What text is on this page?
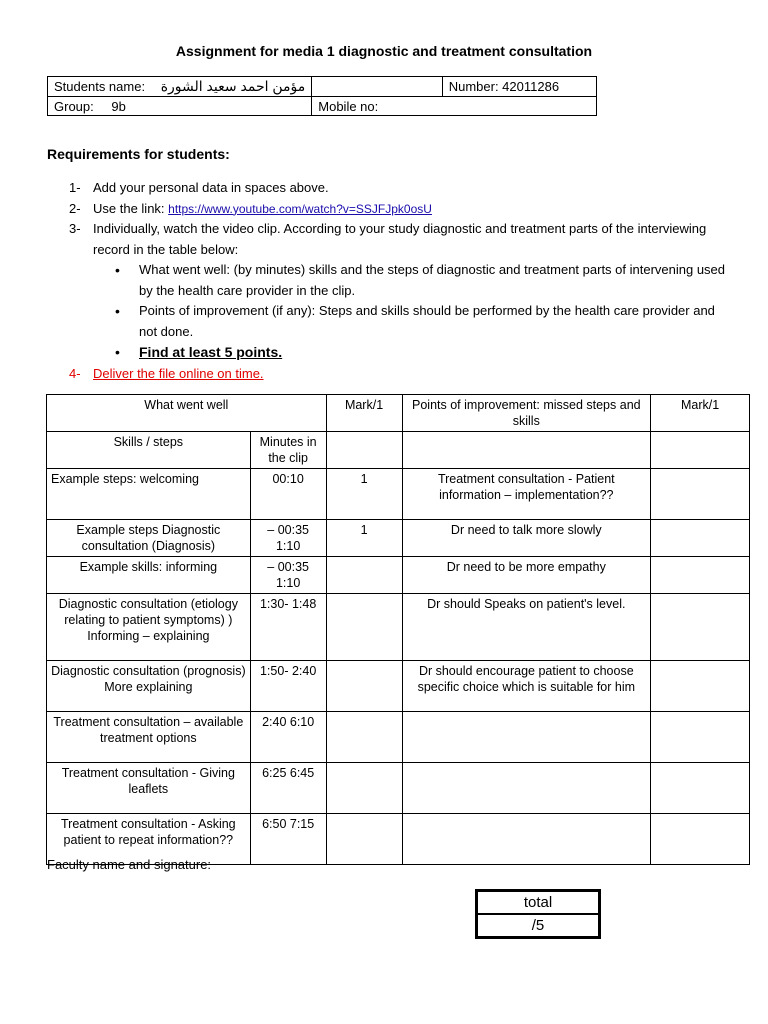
Assignment for media 1 diagnostic and treatment consultation
Students name: مؤمن احمد سعيد الشورة		Number: 42011286
Group: 9b	Mobile no:	
Requirements for students:
1- Add your personal data in spaces above.
2- Use the link: https://www.youtube.com/watch?v=SSJFJpk0osU
3- Individually, watch the video clip. According to your study diagnostic and treatment parts of the interviewing record in the table below:
• What went well: (by minutes) skills and the steps of diagnostic and treatment parts of intervening used by the health care provider in the clip.
• Points of improvement (if any): Steps and skills should be performed by the health care provider and not done.
• Find at least 5 points.
4- Deliver the file online on time.
What went well		Mark/1	Points of improvement: missed steps and skills	Mark/1
Skills / steps	Minutes in the clip			
Example steps: welcoming	00:10	1	Treatment consultation - Patient information – implementation??	
Example steps Diagnostic consultation (Diagnosis)	– 00:35 1:10	1	Dr need to talk more slowly	
Example skills: informing	– 00:35 1:10		Dr need to be more empathy	
Diagnostic consultation (etiology relating to patient symptoms) ) Informing – explaining	1:30- 1:48		Dr should Speaks on patient's level.	
Diagnostic consultation (prognosis) More explaining	1:50- 2:40		Dr should encourage patient to choose specific choice which is suitable for him	
Treatment consultation – available treatment options	2:40 6:10			
Treatment consultation - Giving leaflets	6:25 6:45			
Treatment consultation - Asking patient to repeat information??	6:50 7:15			
Faculty name and signature:
total
/5
